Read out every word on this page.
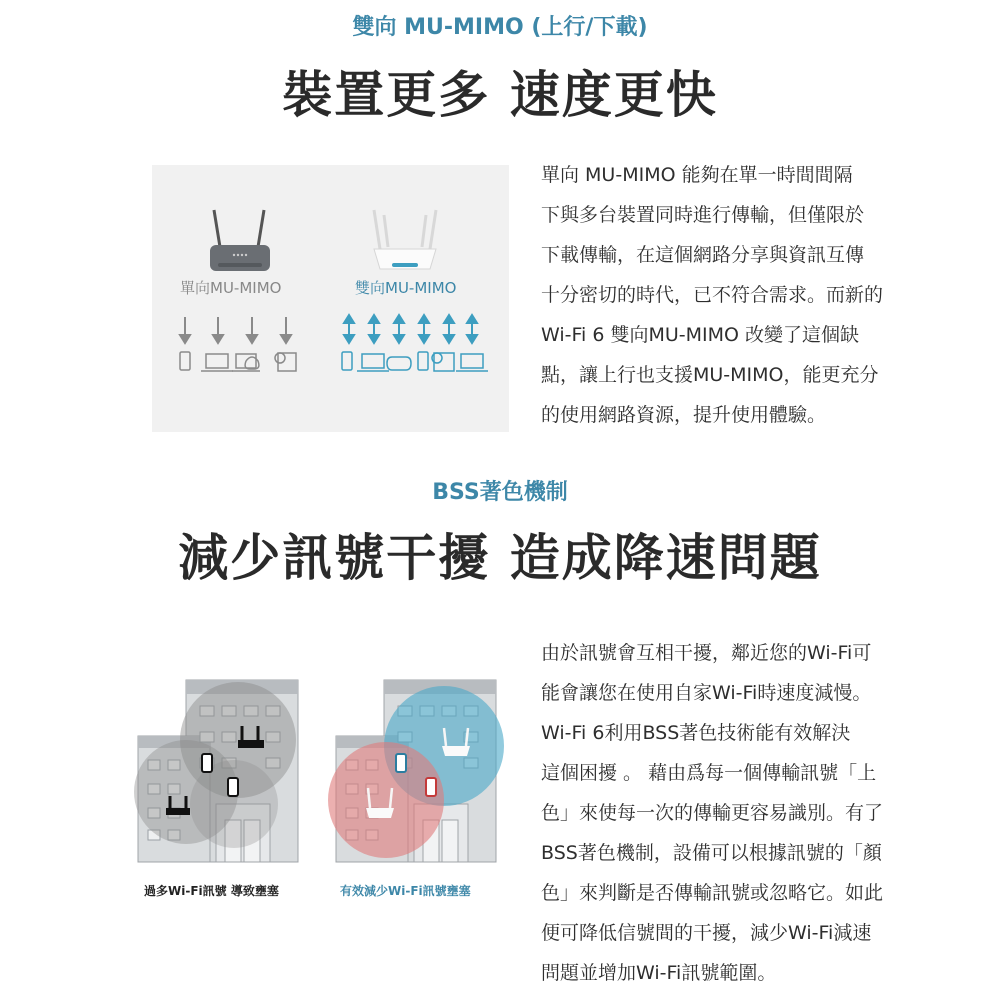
雙向 MU-MIMO (上行/下載)
裝置更多 速度更快
單向MU-MIMO	雙向MU-MIMO
單向 MU-MIMO 能夠在單一時間間隔
下與多台裝置同時進行傳輸，但僅限於
下載傳輸，在這個網路分享與資訊互傳
十分密切的時代，已不符合需求。而新的
Wi-Fi 6 雙向MU-MIMO 改變了這個缺
點，讓上行也支援MU-MIMO，能更充分
的使用網路資源，提升使用體驗。
BSS著色機制
減少訊號干擾 造成降速問題
過多Wi-Fi訊號 導致壅塞	有效減少Wi-Fi訊號壅塞
由於訊號會互相干擾，鄰近您的Wi-Fi可
能會讓您在使用自家Wi-Fi時速度減慢。
Wi-Fi 6利用BSS著色技術能有效解決
這個困擾 。 藉由爲每一個傳輸訊號「上
色」來使每一次的傳輸更容易識別。有了
BSS著色機制，設備可以根據訊號的「顏
色」來判斷是否傳輸訊號或忽略它。如此
便可降低信號間的干擾，減少Wi-Fi減速
問題並增加Wi-Fi訊號範圍。
